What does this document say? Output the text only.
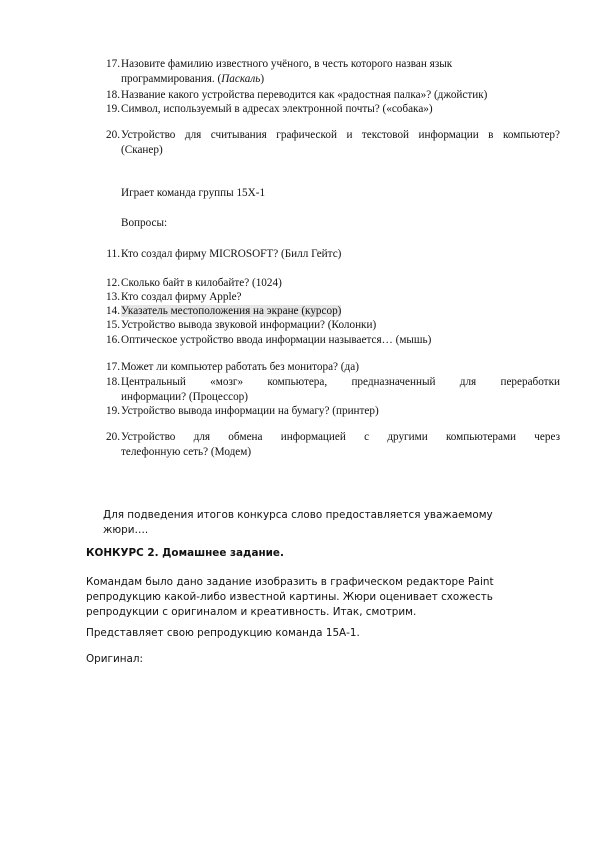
17. Назовите фамилию известного учёного, в честь которого назван язык
программирования. (Паскаль)
18. Название какого устройства переводится как «радостная палка»? (джойстик)
19. Символ, используемый в адресах электронной почты? («собака»)
20. Устройство для считывания графической и текстовой информации в компьютер?
(Сканер)
Играет команда группы 15Х-1
Вопросы:
11. Кто создал фирму MICROSOFT? (Билл Гейтс)
12. Сколько байт в килобайте? (1024)
13. Кто создал фирму Apple?
14. Указатель местоположения на экране (курсор)
15. Устройство вывода звуковой информации? (Колонки)
16. Оптическое устройство ввода информации называется… (мышь)
17. Может ли компьютер работать без монитора? (да)
18. Центральный «мозг» компьютера, предназначенный для переработки
информации? (Процессор)
19. Устройство вывода информации на бумагу? (принтер)
20. Устройство для обмена информацией с другими компьютерами через
телефонную сеть? (Модем)
Для подведения итогов конкурса слово предоставляется уважаемому
жюри….
КОНКУРС 2. Домашнее задание.
Командам было дано задание изобразить в графическом редакторе Paint
репродукцию какой-либо известной картины. Жюри оценивает схожесть
репродукции с оригиналом и креативность. Итак, смотрим.
Представляет свою репродукцию команда 15А-1.
Оригинал:
